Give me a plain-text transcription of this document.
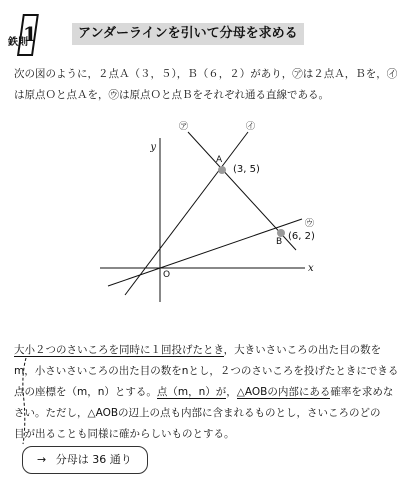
1
鉄則
アンダーラインを引いて分母を求める
次の図のように，２点Ａ（３，５），Ｂ（６，２）があり，㋐は２点Ａ，Ｂを，㋑
は原点Ｏと点Ａを，㋒は原点Ｏと点Ｂをそれぞれ通る直線である。
y
x
O
㋐	㋑
㋒
A
(3, 5)
B (6, 2)
大小２つのさいころを同時に１回投げたとき，大きいさいころの出た目の数を
m，小さいさいころの出た目の数をnとし，２つのさいころを投げたときにできる
点の座標を（m，n）とする。点（m，n）が，△AOBの内部にある確率を求めな
さい。ただし，△AOBの辺上の点も内部に含まれるものとし，さいころのどの
目が出ることも同様に確からしいものとする。
→ 分母は 36 通り
